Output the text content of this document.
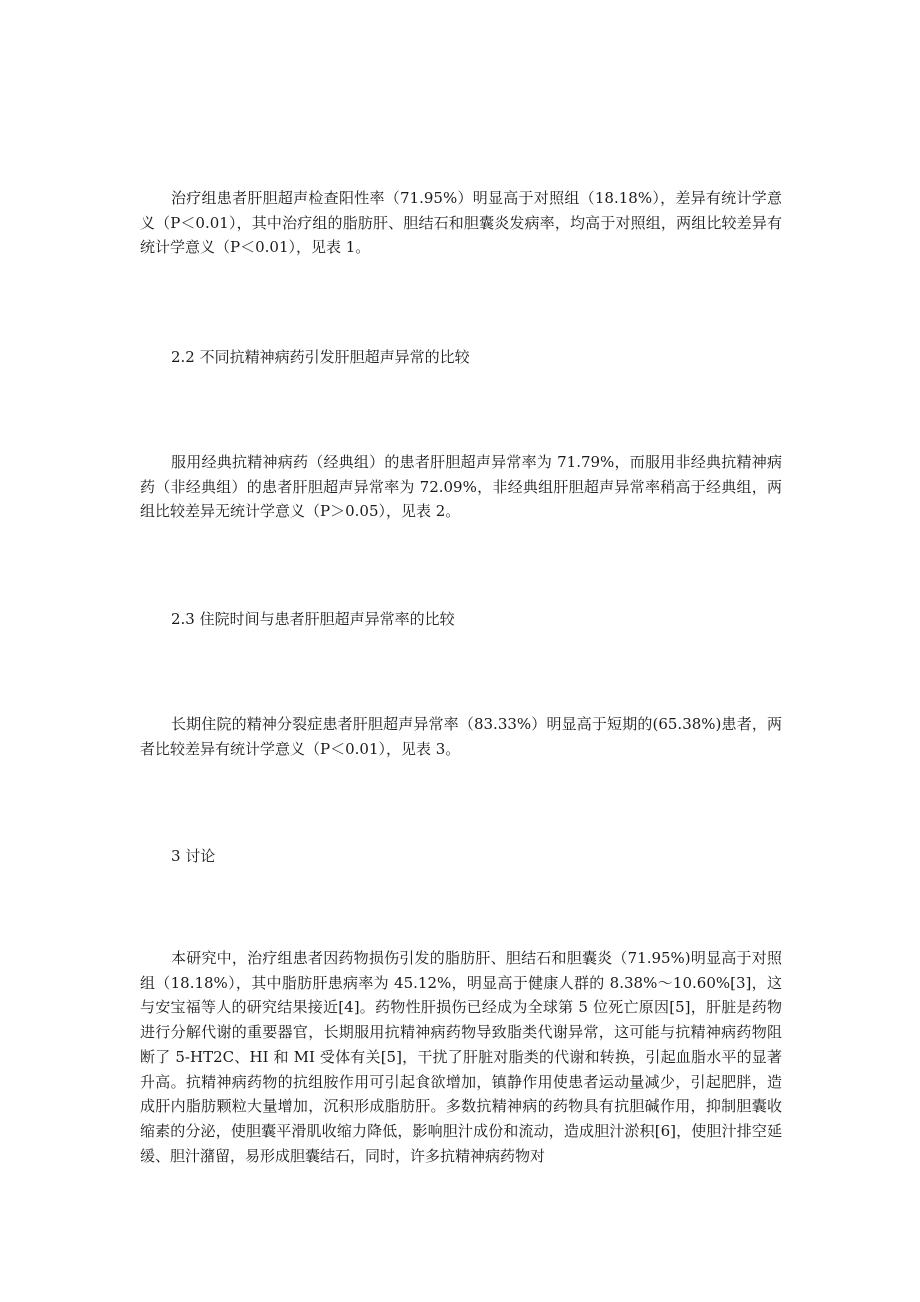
治疗组患者肝胆超声检查阳性率（71.95%）明显高于对照组（18.18%），差异有统计学意义（P＜0.01），其中治疗组的脂肪肝、胆结石和胆囊炎发病率，均高于对照组，两组比较差异有统计学意义（P＜0.01），见表 1。

2.2 不同抗精神病药引发肝胆超声异常的比较

服用经典抗精神病药（经典组）的患者肝胆超声异常率为 71.79%，而服用非经典抗精神病药（非经典组）的患者肝胆超声异常率为 72.09%，非经典组肝胆超声异常率稍高于经典组，两组比较差异无统计学意义（P＞0.05），见表 2。

2.3 住院时间与患者肝胆超声异常率的比较

长期住院的精神分裂症患者肝胆超声异常率（83.33%）明显高于短期的(65.38%)患者，两者比较差异有统计学意义（P＜0.01），见表 3。

3 讨论

本研究中，治疗组患者因药物损伤引发的脂肪肝、胆结石和胆囊炎（71.95%)明显高于对照组（18.18%），其中脂肪肝患病率为 45.12%，明显高于健康人群的 8.38%～10.60%[3]，这与安宝福等人的研究结果接近[4]。药物性肝损伤已经成为全球第 5 位死亡原因[5]，肝脏是药物进行分解代谢的重要器官，长期服用抗精神病药物导致脂类代谢异常，这可能与抗精神病药物阻断了 5-HT2C、HI 和 MI 受体有关[5]，干扰了肝脏对脂类的代谢和转换，引起血脂水平的显著升高。抗精神病药物的抗组胺作用可引起食欲增加，镇静作用使患者运动量减少，引起肥胖，造成肝内脂肪颗粒大量增加，沉积形成脂肪肝。多数抗精神病的药物具有抗胆碱作用，抑制胆囊收缩素的分泌，使胆囊平滑肌收缩力降低，影响胆汁成份和流动，造成胆汁淤积[6]，使胆汁排空延缓、胆汁潴留，易形成胆囊结石，同时，许多抗精神病药物对
